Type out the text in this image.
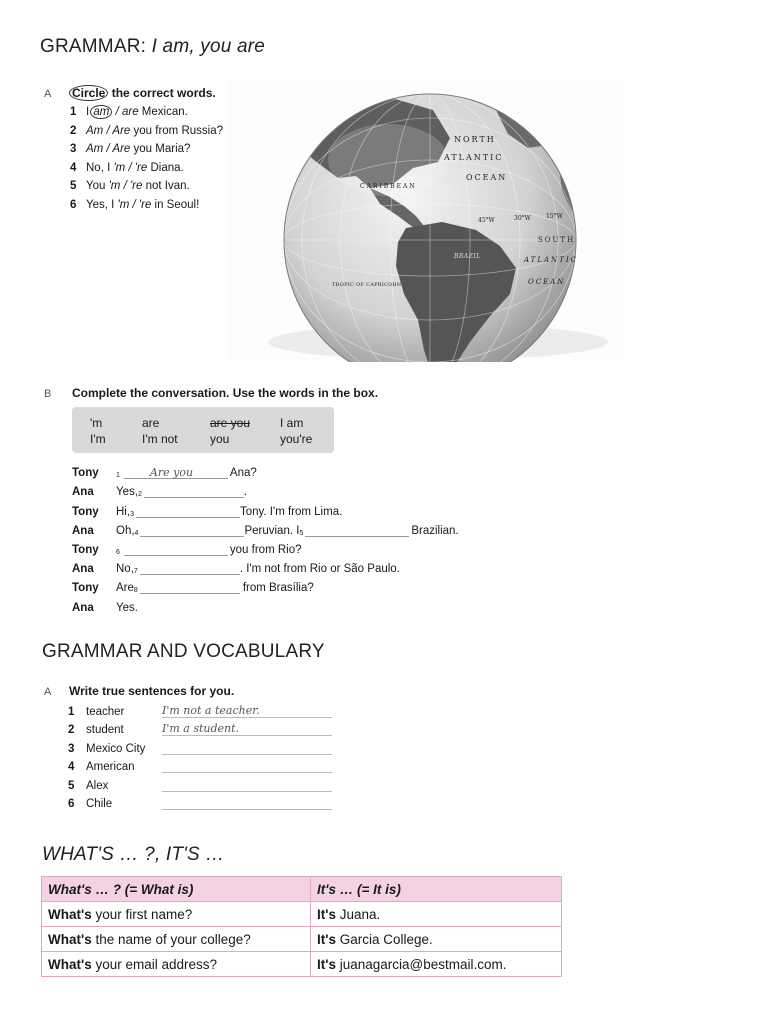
GRAMMAR: I am, you are
A Circle the correct words.
1 I am / are Mexican.
2 Am / Are you from Russia?
3 Am / Are you Maria?
4 No, I 'm / 're Diana.
5 You 'm / 're not Ivan.
6 Yes, I 'm / 're in Seoul!
NORTH
ATLANTIC
OCEAN
CARIBBEAN
SOUTH
ATLANTIC
OCEAN
BRAZIL
TROPIC OF CAPRICORN
45°W	30°W	15°W
B Complete the conversation. Use the words in the box.
'm	are	are you I am
I'm	I'm not	you	you're
Tony	$_1$	Are you	Ana?
Ana	Yes, $_2$	.
Tony	Hi, $_3$	Tony. I'm from Lima.
Ana	Oh, $_4$	Peruvian. I $_5$	Brazilian.
Tony	$_6$	you from Rio?
Ana	No, $_7$	. I'm not from Rio or São Paulo.
Tony	Are $_8$	from Brasília?
Ana	Yes.
GRAMMAR AND VOCABULARY
A Write true sentences for you.
1	teacher	I'm not a teacher.
2	student	I'm a student.
3	Mexico City
4	American
5	Alex
6	Chile
WHAT'S … ?, IT'S …
What's … ? (= What is)	It's … (= It is)
What's your first name?	It's Juana.
What's the name of your college?	It's Garcia College.
What's your email address?	It's juanagarcia@bestmail.com.
